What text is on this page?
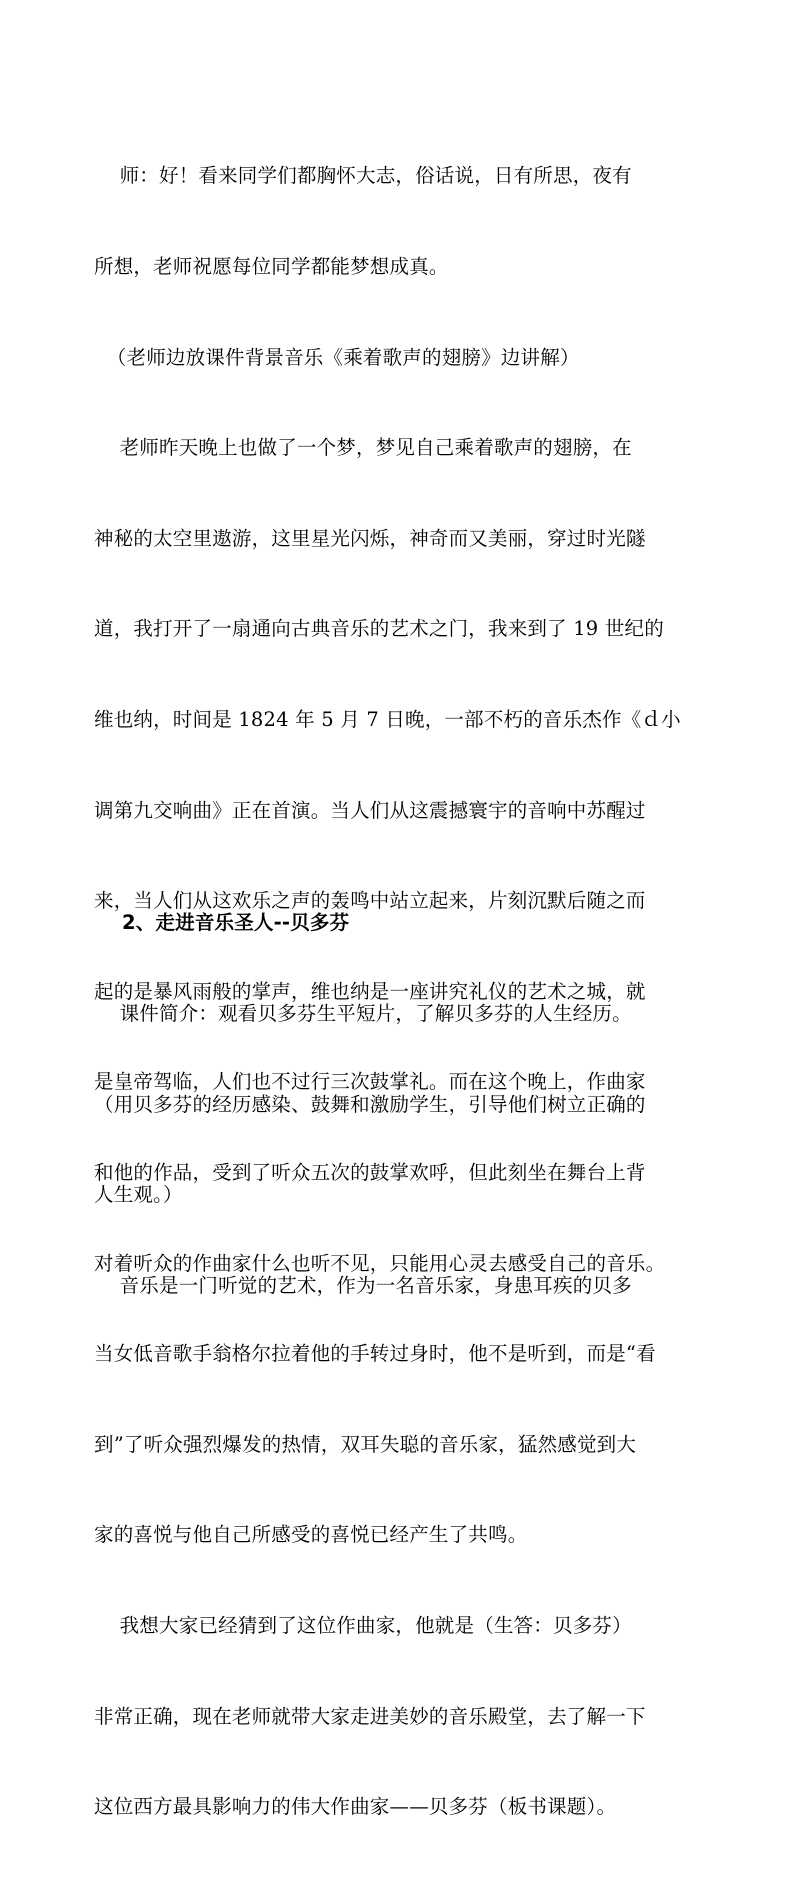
师：好！看来同学们都胸怀大志，俗话说，日有所思，夜有

所想，老师祝愿每位同学都能梦想成真。

（老师边放课件背景音乐《乘着歌声的翅膀》边讲解）

老师昨天晚上也做了一个梦，梦见自己乘着歌声的翅膀，在

神秘的太空里遨游，这里星光闪烁，神奇而又美丽，穿过时光隧

道，我打开了一扇通向古典音乐的艺术之门，我来到了 19 世纪的

维也纳，时间是 1824 年 5 月 7 日晚，一部不朽的音乐杰作《ｄ小

调第九交响曲》正在首演。当人们从这震撼寰宇的音响中苏醒过

来，当人们从这欢乐之声的轰鸣中站立起来，片刻沉默后随之而

起的是暴风雨般的掌声，维也纳是一座讲究礼仪的艺术之城，就

是皇帝驾临，人们也不过行三次鼓掌礼。而在这个晚上，作曲家

和他的作品，受到了听众五次的鼓掌欢呼，但此刻坐在舞台上背

对着听众的作曲家什么也听不见，只能用心灵去感受自己的音乐。

当女低音歌手翁格尔拉着他的手转过身时，他不是听到，而是“看

到”了听众强烈爆发的热情，双耳失聪的音乐家，猛然感觉到大

家的喜悦与他自己所感受的喜悦已经产生了共鸣。

我想大家已经猜到了这位作曲家，他就是（生答：贝多芬）

非常正确，现在老师就带大家走进美妙的音乐殿堂，去了解一下

这位西方最具影响力的伟大作曲家——贝多芬（板书课题）。

2、走进音乐圣人--贝多芬

课件简介：观看贝多芬生平短片，了解贝多芬的人生经历。

（用贝多芬的经历感染、鼓舞和激励学生，引导他们树立正确的

人生观。）

音乐是一门听觉的艺术，作为一名音乐家，身患耳疾的贝多
